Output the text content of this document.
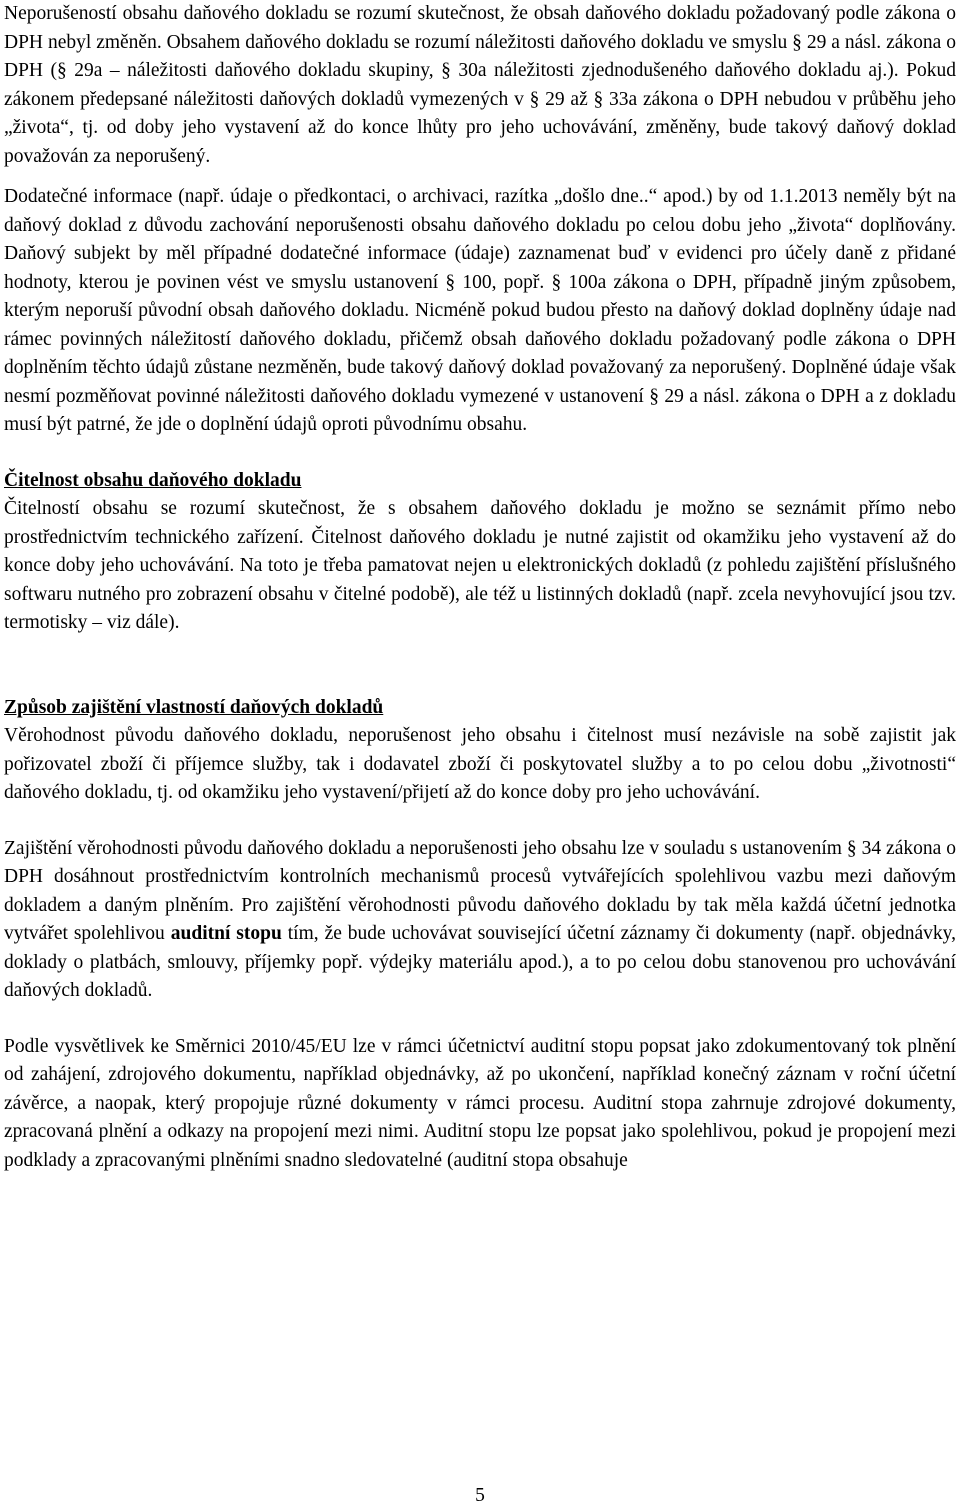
Neporušeností obsahu daňového dokladu se rozumí skutečnost, že obsah daňového dokladu požadovaný podle zákona o DPH nebyl změněn. Obsahem daňového dokladu se rozumí náležitosti daňového dokladu ve smyslu § 29 a násl. zákona o DPH (§ 29a – náležitosti daňového dokladu skupiny, § 30a náležitosti zjednodušeného daňového dokladu aj.). Pokud zákonem předepsané náležitosti daňových dokladů vymezených v § 29 až § 33a zákona o DPH nebudou v průběhu jeho „života“, tj. od doby jeho vystavení až do konce lhůty pro jeho uchovávání, změněny, bude takový daňový doklad považován za neporušený.

Dodatečné informace (např. údaje o předkontaci, o archivaci, razítka „došlo dne..“ apod.) by od 1.1.2013 neměly být na daňový doklad z důvodu zachování neporušenosti obsahu daňového dokladu po celou dobu jeho „života“ doplňovány. Daňový subjekt by měl případné dodatečné informace (údaje) zaznamenat buď v evidenci pro účely daně z přidané hodnoty, kterou je povinen vést ve smyslu ustanovení § 100, popř. § 100a zákona o DPH, případně jiným způsobem, kterým neporuší původní obsah daňového dokladu. Nicméně pokud budou přesto na daňový doklad doplněny údaje nad rámec povinných náležitostí daňového dokladu, přičemž obsah daňového dokladu požadovaný podle zákona o DPH doplněním těchto údajů zůstane nezměněn, bude takový daňový doklad považovaný za neporušený. Doplněné údaje však nesmí pozměňovat povinné náležitosti daňového dokladu vymezené v ustanovení § 29 a násl. zákona o DPH a z dokladu musí být patrné, že jde o doplnění údajů oproti původnímu obsahu.

Čitelnost obsahu daňového dokladu

Čitelností obsahu se rozumí skutečnost, že s obsahem daňového dokladu je možno se seznámit přímo nebo prostřednictvím technického zařízení. Čitelnost daňového dokladu je nutné zajistit od okamžiku jeho vystavení až do konce doby jeho uchovávání. Na toto je třeba pamatovat nejen u elektronických dokladů (z pohledu zajištění příslušného softwaru nutného pro zobrazení obsahu v čitelné podobě), ale též u listinných dokladů (např. zcela nevyhovující jsou tzv. termotisky – viz dále).

Způsob zajištění vlastností daňových dokladů

Věrohodnost původu daňového dokladu, neporušenost jeho obsahu i čitelnost musí nezávisle na sobě zajistit jak pořizovatel zboží či příjemce služby, tak i dodavatel zboží či poskytovatel služby a to po celou dobu „životnosti“ daňového dokladu, tj. od okamžiku jeho vystavení/přijetí až do konce doby pro jeho uchovávání.

Zajištění věrohodnosti původu daňového dokladu a neporušenosti jeho obsahu lze v souladu s ustanovením § 34 zákona o DPH dosáhnout prostřednictvím kontrolních mechanismů procesů vytvářejících spolehlivou vazbu mezi daňovým dokladem a daným plněním. Pro zajištění věrohodnosti původu daňového dokladu by tak měla každá účetní jednotka vytvářet spolehlivou auditní stopu tím, že bude uchovávat související účetní záznamy či dokumenty (např. objednávky, doklady o platbách, smlouvy, příjemky popř. výdejky materiálu apod.), a to po celou dobu stanovenou pro uchovávání daňových dokladů.

Podle vysvětlivek ke Směrnici 2010/45/EU lze v rámci účetnictví auditní stopu popsat jako zdokumentovaný tok plnění od zahájení, zdrojového dokumentu, například objednávky, až po ukončení, například konečný záznam v roční účetní závěrce, a naopak, který propojuje různé dokumenty v rámci procesu. Auditní stopa zahrnuje zdrojové dokumenty, zpracovaná plnění a odkazy na propojení mezi nimi. Auditní stopu lze popsat jako spolehlivou, pokud je propojení mezi podklady a zpracovanými plněními snadno sledovatelné (auditní stopa obsahuje

5
